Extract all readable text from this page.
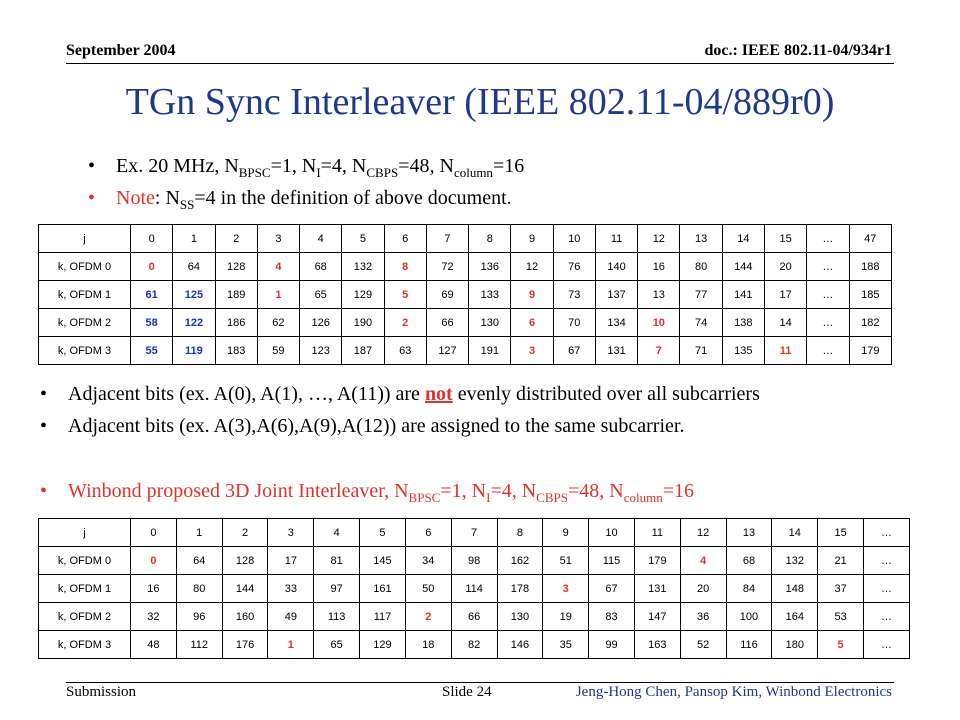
September 2004	doc.: IEEE 802.11-04/934r1
TGn Sync Interleaver (IEEE 802.11-04/889r0)
• Ex. 20 MHz, $N_{BPSC}=1$, $N_I=4$, $N_{CBPS}=48$, $N_{column}=16$
• Note: $N_{SS}=4$ in the definition of above document.
j	0	1	2	3	4	5	6	7	8	9	10	11	12	13	14	15	…	47
k, OFDM 0	0	64	128	4	68	132	8	72	136	12	76	140	16	80	144	20	…	188
k, OFDM 1	61	125	189	1	65	129	5	69	133	9	73	137	13	77	141	17	…	185
k, OFDM 2	58	122	186	62	126	190	2	66	130	6	70	134	10	74	138	14	…	182
k, OFDM 3	55	119	183	59	123	187	63	127	191	3	67	131	7	71	135	11	…	179
• Adjacent bits (ex. A(0), A(1), …, A(11)) are not evenly distributed over all subcarriers
• Adjacent bits (ex. A(3),A(6),A(9),A(12)) are assigned to the same subcarrier.
• Winbond proposed 3D Joint Interleaver, $N_{BPSC}=1$, $N_I=4$, $N_{CBPS}=48$, $N_{column}=16$
j	0	1	2	3	4	5	6	7	8	9	10	11	12	13	14	15	…
k, OFDM 0	0	64	128	17	81	145	34	98	162	51	115	179	4	68	132	21	…
k, OFDM 1	16	80	144	33	97	161	50	114	178	3	67	131	20	84	148	37	…
k, OFDM 2	32	96	160	49	113	117	2	66	130	19	83	147	36	100	164	53	…
k, OFDM 3	48	112	176	1	65	129	18	82	146	35	99	163	52	116	180	5	…
Submission	Slide 24	Jeng-Hong Chen, Pansop Kim, Winbond Electronics
